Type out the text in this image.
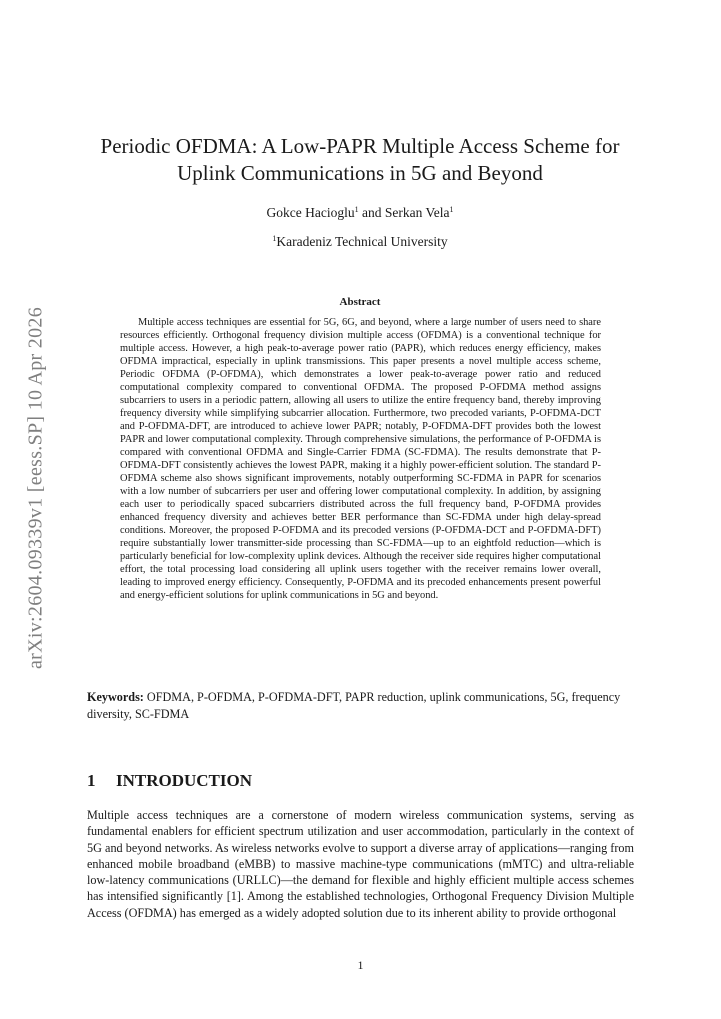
arXiv:2604.09339v1 [eess.SP] 10 Apr 2026
Periodic OFDMA: A Low-PAPR Multiple Access Scheme for
Uplink Communications in 5G and Beyond
Gokce Hacioglu$^1$ and Serkan Vela$^1$
$^1$Karadeniz Technical University
Abstract

Multiple access techniques are essential for 5G, 6G, and beyond, where a large number of users need to share resources efficiently. Orthogonal frequency division multiple access (OFDMA) is a conventional technique for multiple access. However, a high peak-to-average power ratio (PAPR), which reduces energy efficiency, makes OFDMA impractical, especially in uplink transmissions. This paper presents a novel multiple access scheme, Periodic OFDMA (P-OFDMA), which demonstrates a lower peak-to-average power ratio and reduced computational complexity compared to conventional OFDMA. The proposed P-OFDMA method assigns subcarriers to users in a periodic pattern, allowing all users to utilize the entire frequency band, thereby improving frequency diversity while simplifying subcarrier allocation. Furthermore, two precoded variants, P-OFDMA-DCT and P-OFDMA-DFT, are introduced to achieve lower PAPR; notably, P-OFDMA-DFT provides both the lowest PAPR and lower computational complexity. Through comprehensive simulations, the performance of P-OFDMA is compared with conventional OFDMA and Single-Carrier FDMA (SC-FDMA). The results demonstrate that P-OFDMA-DFT consistently achieves the lowest PAPR, making it a highly power-efficient solution. The standard P-OFDMA scheme also shows significant improvements, notably outperforming SC-FDMA in PAPR for scenarios with a low number of subcarriers per user and offering lower computational complexity. In addition, by assigning each user to periodically spaced subcarriers distributed across the full frequency band, P-OFDMA provides enhanced frequency diversity and achieves better BER performance than SC-FDMA under high delay-spread conditions. Moreover, the proposed P-OFDMA and its precoded versions (P-OFDMA-DCT and P-OFDMA-DFT) require substantially lower transmitter-side processing than SC-FDMA—up to an eightfold reduction—which is particularly beneficial for low-complexity uplink devices. Although the receiver side requires higher computational effort, the total processing load considering all uplink users together with the receiver remains lower overall, leading to improved energy efficiency. Consequently, P-OFDMA and its precoded enhancements present powerful and energy-efficient solutions for uplink communications in 5G and beyond.

Keywords: OFDMA, P-OFDMA, P-OFDMA-DFT, PAPR reduction, uplink communications, 5G, frequency diversity, SC-FDMA
1 INTRODUCTION

Multiple access techniques are a cornerstone of modern wireless communication systems, serving as fundamental enablers for efficient spectrum utilization and user accommodation, particularly in the context of 5G and beyond networks. As wireless networks evolve to support a diverse array of applications—ranging from enhanced mobile broadband (eMBB) to massive machine-type communications (mMTC) and ultra-reliable low-latency communications (URLLC)—the demand for flexible and highly efficient multiple access schemes has intensified significantly [1]. Among the established technologies, Orthogonal Frequency Division Multiple Access (OFDMA) has emerged as a widely adopted solution due to its inherent ability to provide orthogonal

1
